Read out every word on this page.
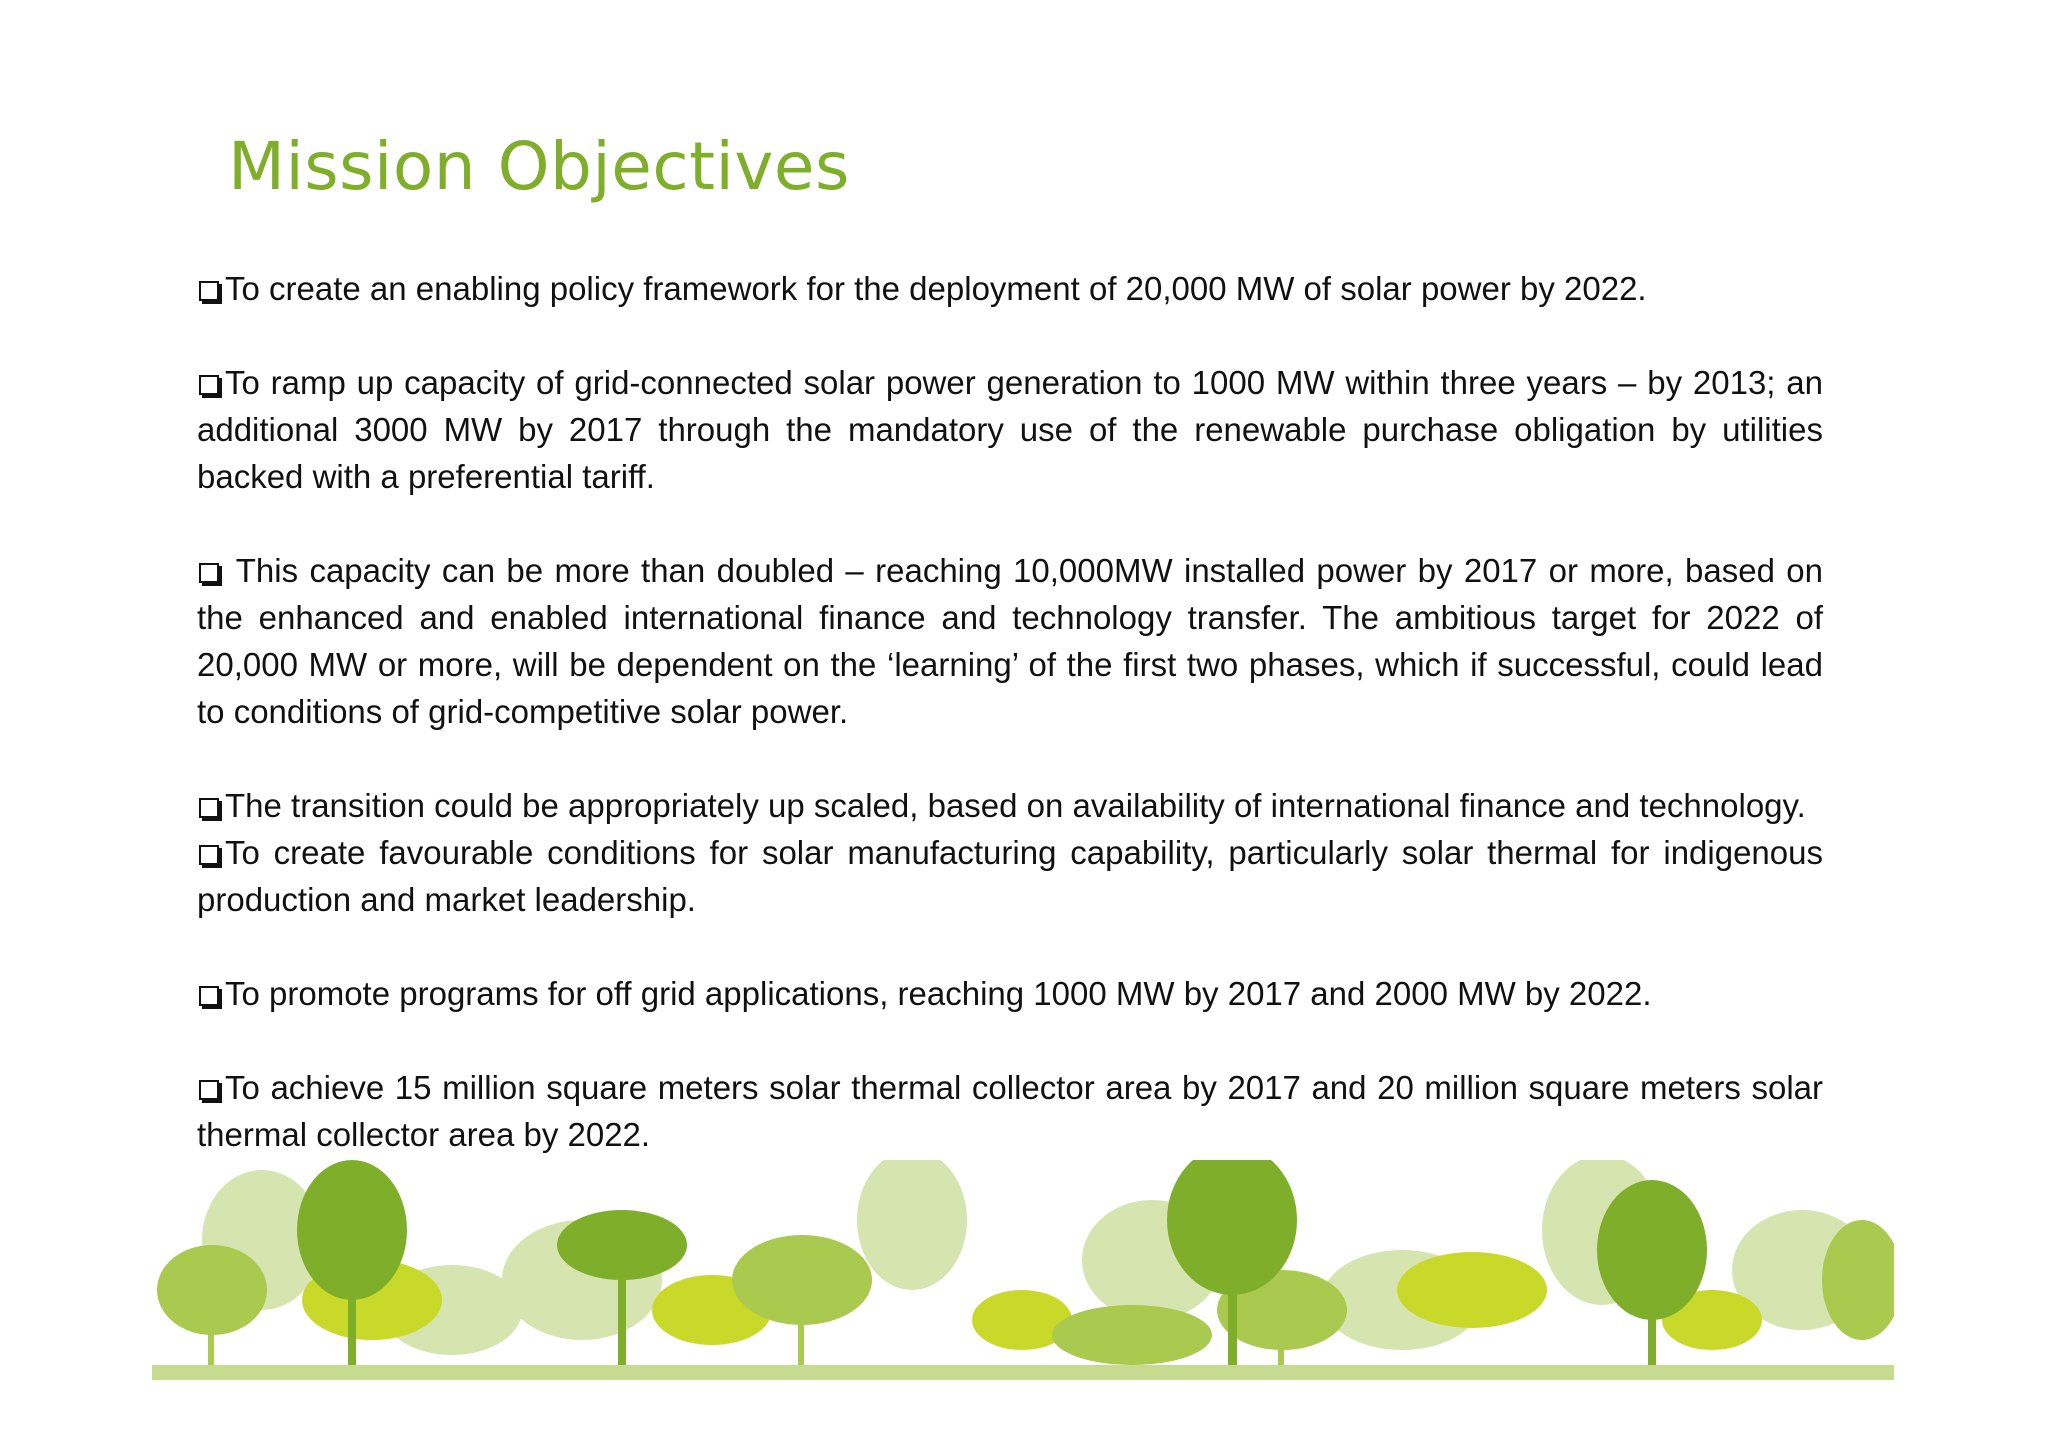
Mission Objectives

To create an enabling policy framework for the deployment of 20,000 MW of solar power by 2022.

To ramp up capacity of grid-connected solar power generation to 1000 MW within three years – by 2013; an additional 3000 MW by 2017 through the mandatory use of the renewable purchase obligation by utilities backed with a preferential tariff.

This capacity can be more than doubled – reaching 10,000MW installed power by 2017 or more, based on the enhanced and enabled international finance and technology transfer. The ambitious target for 2022 of 20,000 MW or more, will be dependent on the ‘learning’ of the first two phases, which if successful, could lead to conditions of grid-competitive solar power.

The transition could be appropriately up scaled, based on availability of international finance and technology.

To create favourable conditions for solar manufacturing capability, particularly solar thermal for indigenous production and market leadership.

To promote programs for off grid applications, reaching 1000 MW by 2017 and 2000 MW by 2022.

To achieve 15 million square meters solar thermal collector area by 2017 and 20 million square meters solar thermal collector area by 2022.
